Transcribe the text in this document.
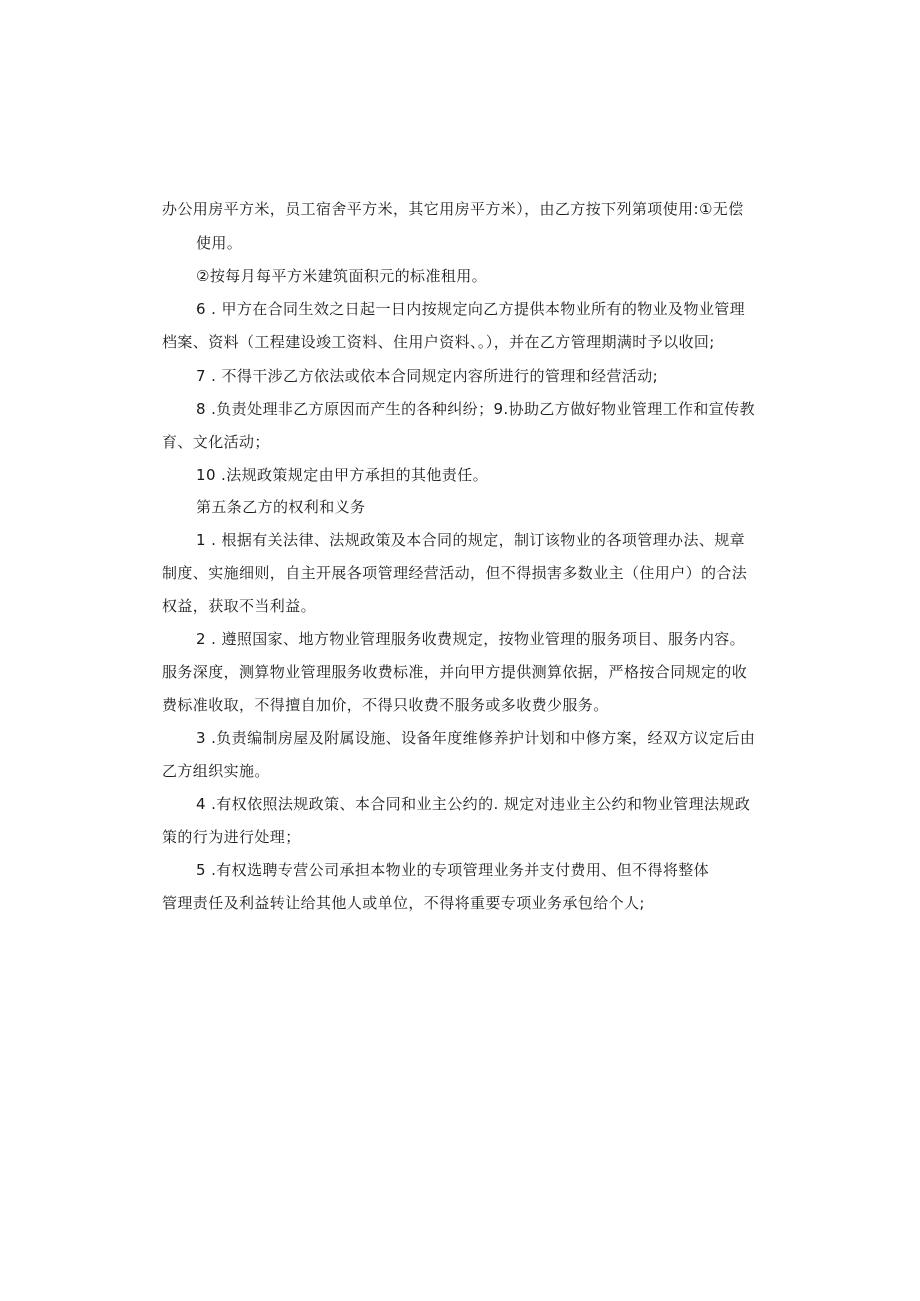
办公用房平方米，员工宿舍平方米，其它用房平方米），由乙方按下列第项使用:①无偿
使用。
②按每月每平方米建筑面积元的标准租用。
6 . 甲方在合同生效之日起一日内按规定向乙方提供本物业所有的物业及物业管理
档案、资料（工程建设竣工资料、住用户资料、。），并在乙方管理期满时予以收回;
7 . 不得干涉乙方依法或依本合同规定内容所进行的管理和经营活动;
8 .负责处理非乙方原因而产生的各种纠纷；9.协助乙方做好物业管理工作和宣传教
育、文化活动；
10 .法规政策规定由甲方承担的其他责任。
第五条乙方的权利和义务
1 . 根据有关法律、法规政策及本合同的规定，制订该物业的各项管理办法、规章
制度、实施细则，自主开展各项管理经营活动，但不得损害多数业主（住用户）的合法
权益，获取不当利益。
2 . 遵照国家、地方物业管理服务收费规定，按物业管理的服务项目、服务内容。
服务深度，测算物业管理服务收费标准，并向甲方提供测算依据，严格按合同规定的收
费标准收取，不得擅自加价，不得只收费不服务或多收费少服务。
3 .负责编制房屋及附属设施、设备年度维修养护计划和中修方案，经双方议定后由
乙方组织实施。
4 .有权依照法规政策、本合同和业主公约的. 规定对违业主公约和物业管理法规政
策的行为进行处理；
5 .有权选聘专营公司承担本物业的专项管理业务并支付费用、但不得将整体
管理责任及利益转让给其他人或单位，不得将重要专项业务承包给个人;
